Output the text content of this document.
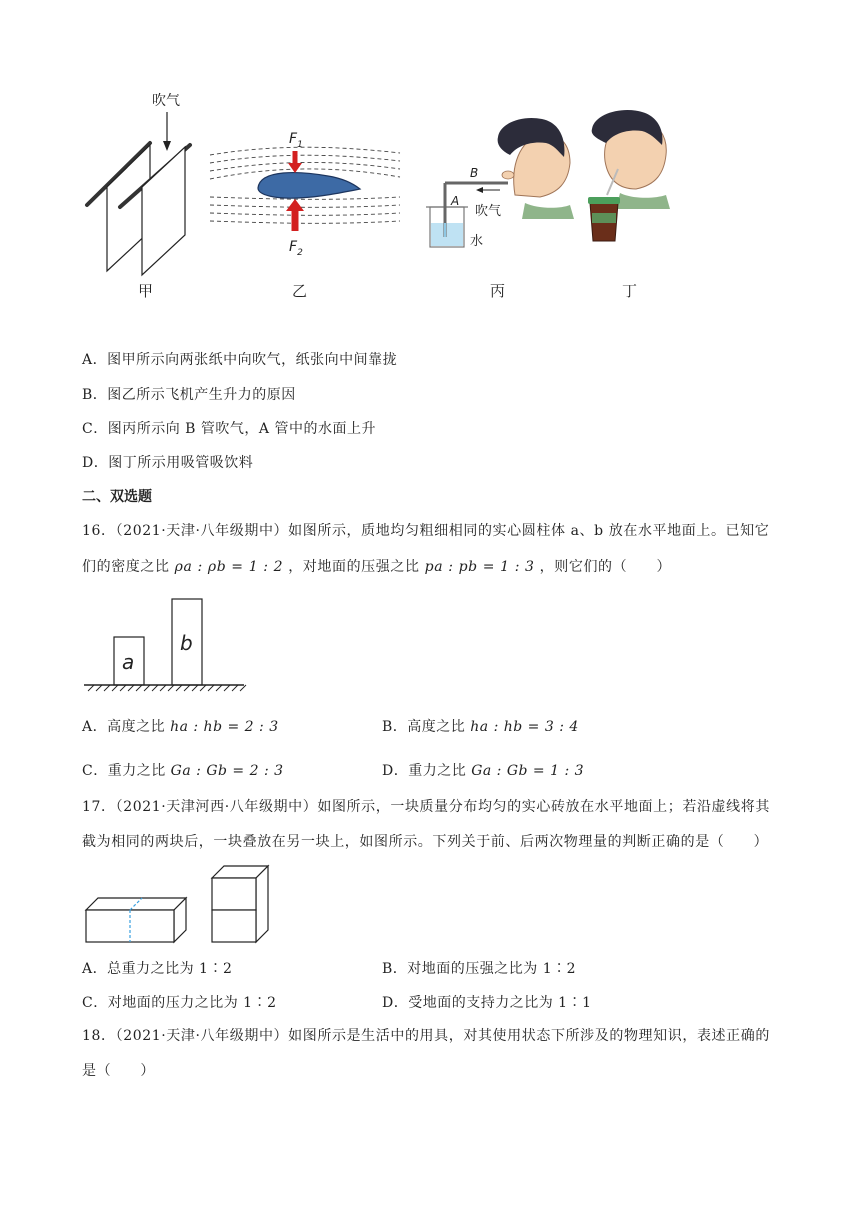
吹气
$F_1$
$F_2$
B
A
吹气
水
甲	乙	丙	丁
A．图甲所示向两张纸中向吹气，纸张向中间靠拢
B．图乙所示飞机产生升力的原因
C．图丙所示向 B 管吹气，A 管中的水面上升
D．图丁所示用吸管吸饮料
二、双选题
16．（2021·天津·八年级期中）如图所示，质地均匀粗细相同的实心圆柱体 a、b 放在水平地面上。已知它
们的密度之比 ρa : ρb = 1 : 2 ，对地面的压强之比 pa : pb = 1 : 3 ，则它们的（　　）
a
b
A．高度之比 ha : hb = 2 : 3	B．高度之比 ha : hb = 3 : 4
C．重力之比 Ga : Gb = 2 : 3	D．重力之比 Ga : Gb = 1 : 3
17．（2021·天津河西·八年级期中）如图所示，一块质量分布均匀的实心砖放在水平地面上；若沿虚线将其
截为相同的两块后，一块叠放在另一块上，如图所示。下列关于前、后两次物理量的判断正确的是（　　）
A．总重力之比为 1∶2	B．对地面的压强之比为 1∶2
C．对地面的压力之比为 1∶2	D．受地面的支持力之比为 1∶1
18．（2021·天津·八年级期中）如图所示是生活中的用具，对其使用状态下所涉及的物理知识，表述正确的
是（　　）
